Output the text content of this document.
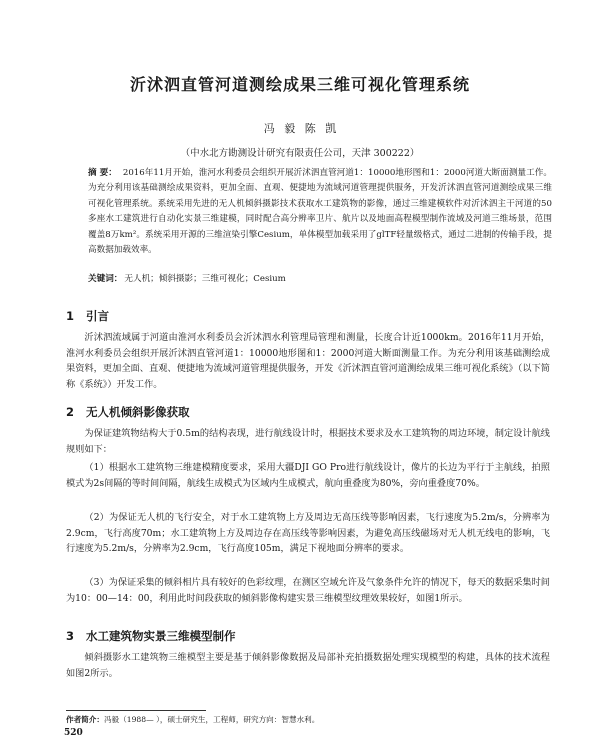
沂沭泗直管河道测绘成果三维可视化管理系统
冯 毅 陈 凯
（中水北方勘测设计研究有限责任公司，天津 300222）
摘 要： 2016年11月开始，淮河水利委员会组织开展沂沭泗直管河道1：10000地形图和1：2000河道大断面测量工作。为充分利用该基础测绘成果资料，更加全面、直观、便捷地为流域河道管理提供服务，开发沂沭泗直管河道测绘成果三维可视化管理系统。系统采用先进的无人机倾斜摄影技术获取水工建筑物的影像，通过三维建模软件对沂沭泗主干河道的50多座水工建筑进行自动化实景三维建模，同时配合高分辨率卫片、航片以及地面高程模型制作流域及河道三维场景，范围覆盖8万km²。系统采用开源的三维渲染引擎Cesium，单体模型加载采用了glTF轻量级格式，通过二进制的传输手段，提高数据加载效率。
关键词： 无人机；倾斜摄影；三维可视化；Cesium
1 引言
沂沭泗流域属于河道由淮河水利委员会沂沭泗水利管理局管理和测量，长度合计近1000km。2016年11月开始，淮河水利委员会组织开展沂沭泗直管河道1：10000地形图和1：2000河道大断面测量工作。为充分利用该基础测绘成果资料，更加全面、直观、便捷地为流域河道管理提供服务，开发《沂沭泗直管河道测绘成果三维可视化系统》（以下简称《系统》）开发工作。
2 无人机倾斜影像获取
为保证建筑物结构大于0.5m的结构表现，进行航线设计时，根据技术要求及水工建筑物的周边环境，制定设计航线规则如下：
（1）根据水工建筑物三维建模精度要求，采用大疆DJI GO Pro进行航线设计，像片的长边为平行于主航线，拍照模式为2s间隔的等时间间隔，航线生成模式为区域内生成模式，航向重叠度为80%，旁向重叠度70%。
（2）为保证无人机的飞行安全，对于水工建筑物上方及周边无高压线等影响因素，飞行速度为5.2m/s，分辨率为2.9cm，飞行高度70m；水工建筑物上方及周边存在高压线等影响因素，为避免高压线磁场对无人机无线电的影响，飞行速度为5.2m/s，分辨率为2.9cm，飞行高度105m，满足下视地面分辨率的要求。
（3）为保证采集的倾斜相片具有较好的色彩纹理，在测区空域允许及气象条件允许的情况下，每天的数据采集时间为10：00—14：00，利用此时间段获取的倾斜影像构建实景三维模型纹理效果较好，如图1所示。
3 水工建筑物实景三维模型制作
倾斜摄影水工建筑物三维模型主要是基于倾斜影像数据及局部补充拍摄数据处理实现模型的构建，具体的技术流程如图2所示。
作者简介：冯毅（1988— ），硕士研究生，工程师，研究方向：智慧水利。
520
